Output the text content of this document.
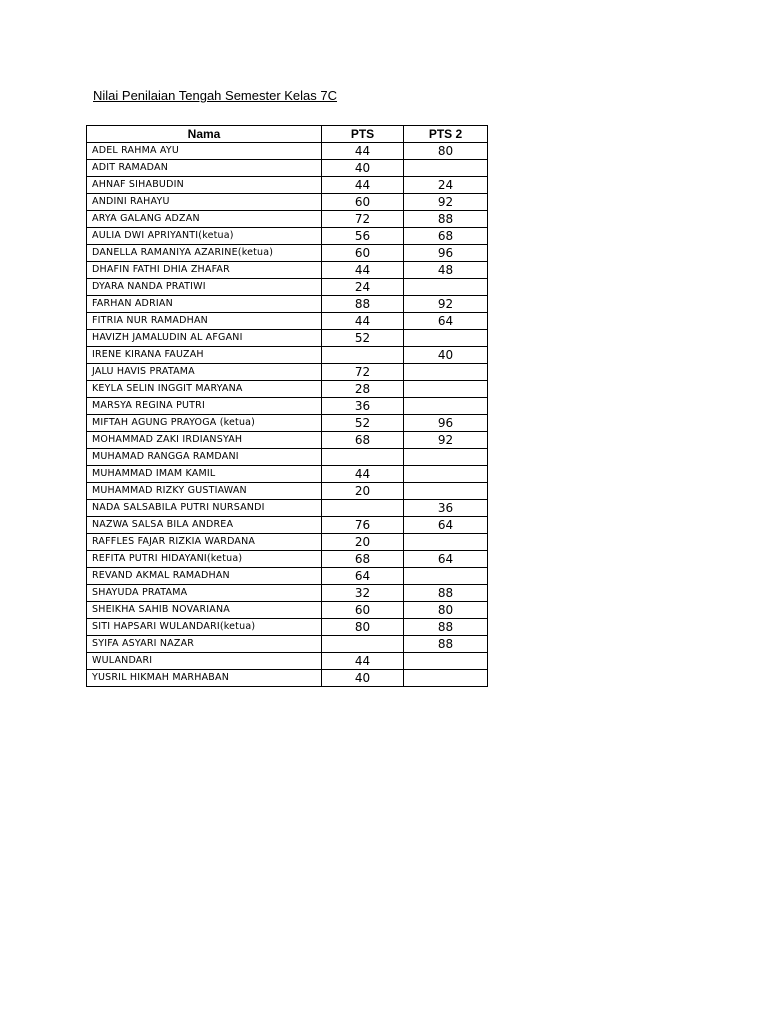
Nilai Penilaian Tengah Semester Kelas 7C
Nama	PTS	PTS 2
ADEL RAHMA AYU	44	80
ADIT RAMADAN	40	
AHNAF SIHABUDIN	44	24
ANDINI RAHAYU	60	92
ARYA GALANG ADZAN	72	88
AULIA DWI APRIYANTI(ketua)	56	68
DANELLA RAMANIYA AZARINE(ketua)	60	96
DHAFIN FATHI DHIA ZHAFAR	44	48
DYARA NANDA PRATIWI	24	
FARHAN ADRIAN	88	92
FITRIA NUR RAMADHAN	44	64
HAVIZH JAMALUDIN AL AFGANI	52	
IRENE KIRANA FAUZAH		40
JALU HAVIS PRATAMA	72	
KEYLA SELIN INGGIT MARYANA	28	
MARSYA REGINA PUTRI	36	
MIFTAH AGUNG PRAYOGA (ketua)	52	96
MOHAMMAD ZAKI IRDIANSYAH	68	92
MUHAMAD RANGGA RAMDANI		
MUHAMMAD IMAM KAMIL	44	
MUHAMMAD RIZKY GUSTIAWAN	20	
NADA SALSABILA PUTRI NURSANDI		36
NAZWA SALSA BILA ANDREA	76	64
RAFFLES FAJAR RIZKIA WARDANA	20	
REFITA PUTRI HIDAYANI(ketua)	68	64
REVAND AKMAL RAMADHAN	64	
SHAYUDA PRATAMA	32	88
SHEIKHA SAHIB NOVARIANA	60	80
SITI HAPSARI WULANDARI(ketua)	80	88
SYIFA ASYARI NAZAR		88
WULANDARI	44	
YUSRIL HIKMAH MARHABAN	40	
